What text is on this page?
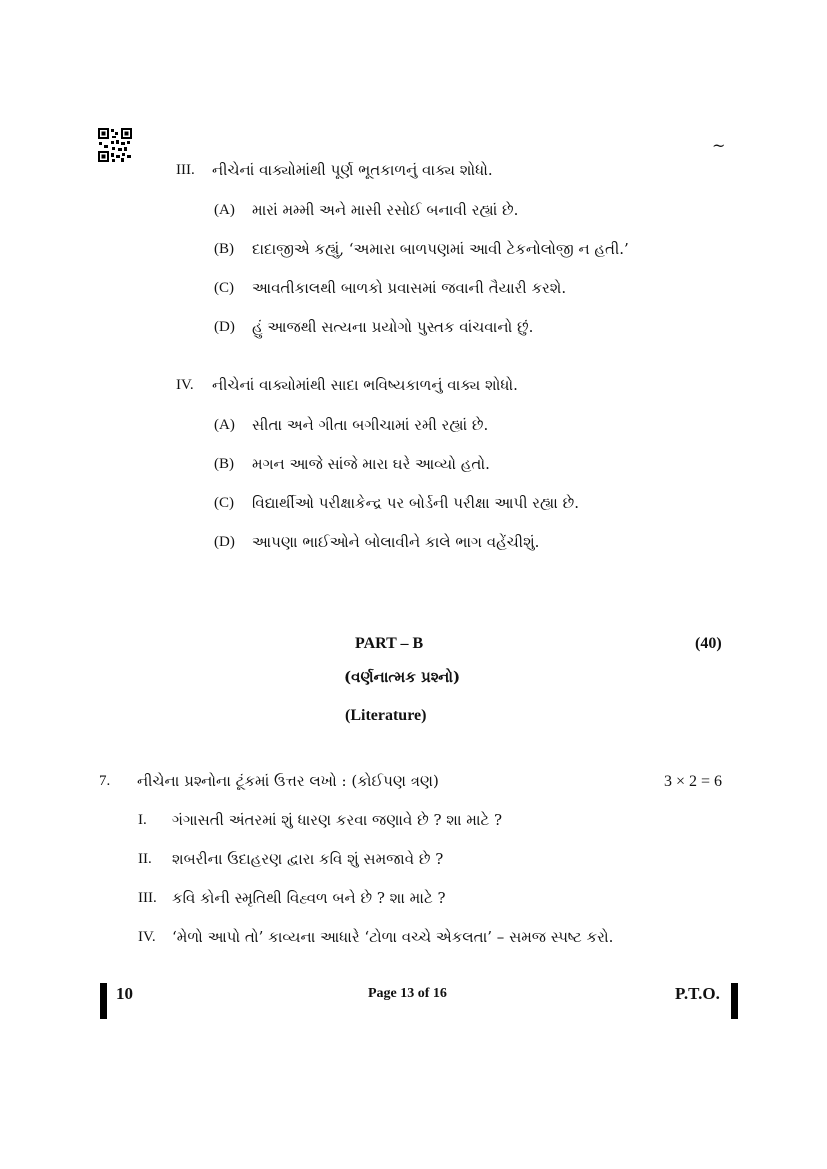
~
III. નીચેનાં વાક્યોમાંથી પૂર્ણ ભૂતકાળનું વાક્ય શોધો.
(A) મારાં મમ્મી અને માસી રસોઈ બનાવી રહ્યાં છે.
(B) દાદાજીએ કહ્યું, ‘અમારા બાળપણમાં આવી ટેકનોલોજી ન હતી.’
(C) આવતીકાલથી બાળકો પ્રવાસમાં જવાની તૈયારી કરશે.
(D) હું આજથી સત્યના પ્રયોગો પુસ્તક વાંચવાનો છું.
IV. નીચેનાં વાક્યોમાંથી સાદા ભવિષ્યકાળનું વાક્ય શોધો.
(A) સીતા અને ગીતા બગીચામાં રમી રહ્યાં છે.
(B) મગન આજે સાંજે મારા ઘરે આવ્યો હતો.
(C) વિદ્યાર્થીઓ પરીક્ષાકેન્દ્ર પર બોર્ડની પરીક્ષા આપી રહ્યા છે.
(D) આપણા ભાઈઓને બોલાવીને કાલે ભાગ વહેંચીશું.
PART – B	(40)
(વર્ણનાત્મક પ્રશ્નો)
(Literature)
7. નીચેના પ્રશ્નોના ટૂંકમાં ઉત્તર લખો : (કોઈપણ ત્રણ)	3 × 2 = 6
I. ગંગાસતી અંતરમાં શું ધારણ કરવા જણાવે છે ? શા માટે ?
II. શબરીના ઉદાહરણ દ્વારા કવિ શું સમજાવે છે ?
III. કવિ કોની સ્મૃતિથી વિહ્વળ બને છે ? શા માટે ?
IV. ‘મેળો આપો તો’ કાવ્યના આધારે ‘ટોળા વચ્ચે એકલતા’ – સમજ સ્પષ્ટ કરો.
10	Page 13 of 16	P.T.O.
